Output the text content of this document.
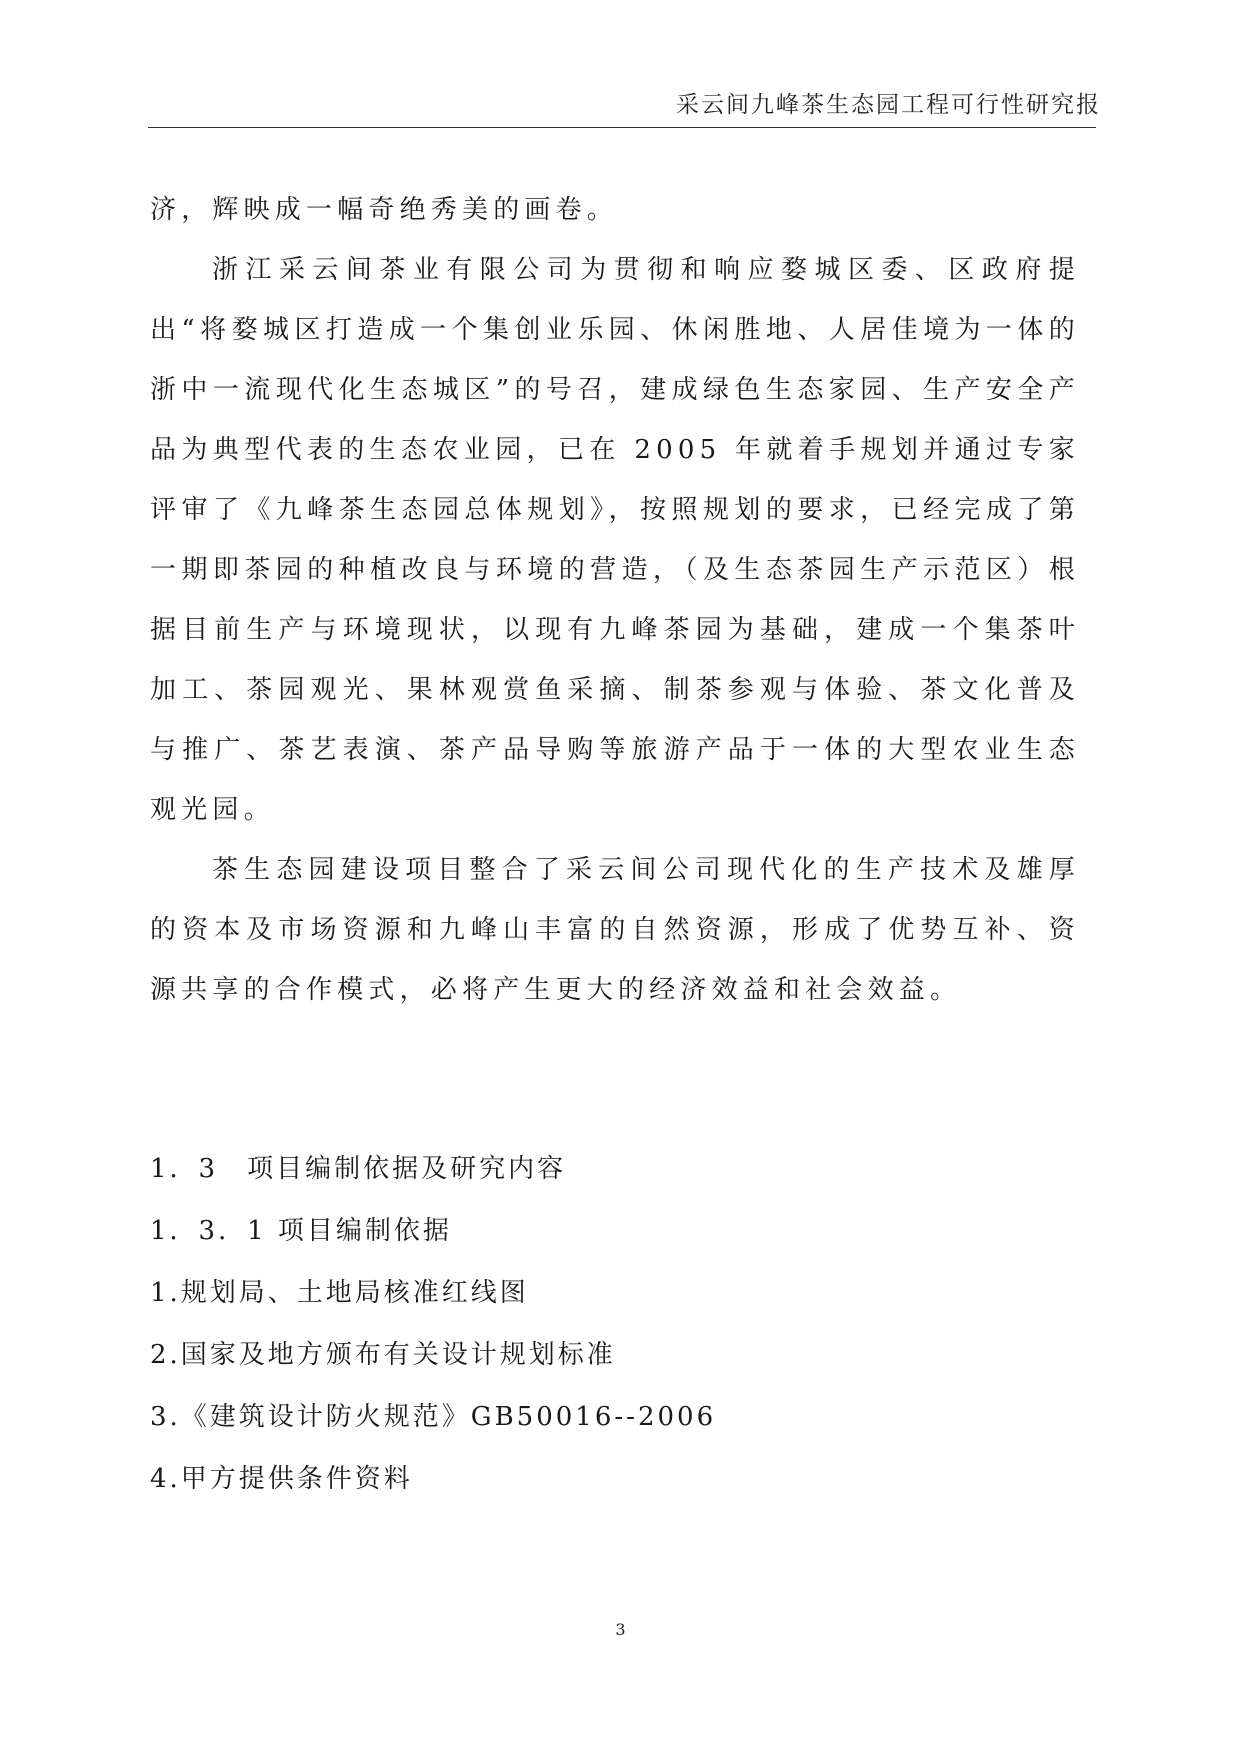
采云间九峰茶生态园工程可行性研究报

济，辉映成一幅奇绝秀美的画卷。

浙江采云间茶业有限公司为贯彻和响应婺城区委、区政府提出“将婺城区打造成一个集创业乐园、休闲胜地、人居佳境为一体的浙中一流现代化生态城区”的号召，建成绿色生态家园、生产安全产品为典型代表的生态农业园，已在 2005 年就着手规划并通过专家评审了《九峰茶生态园总体规划》，按照规划的要求，已经完成了第一期即茶园的种植改良与环境的营造，（及生态茶园生产示范区）根据目前生产与环境现状，以现有九峰茶园为基础，建成一个集茶叶加工、茶园观光、果林观赏鱼采摘、制茶参观与体验、茶文化普及与推广、茶艺表演、茶产品导购等旅游产品于一体的大型农业生态观光园。

茶生态园建设项目整合了采云间公司现代化的生产技术及雄厚的资本及市场资源和九峰山丰富的自然资源，形成了优势互补、资源共享的合作模式，必将产生更大的经济效益和社会效益。

1．3　项目编制依据及研究内容
1．3．1 项目编制依据
1.规划局、土地局核准红线图
2.国家及地方颁布有关设计规划标准
3.《建筑设计防火规范》GB50016--2006
4.甲方提供条件资料
3
